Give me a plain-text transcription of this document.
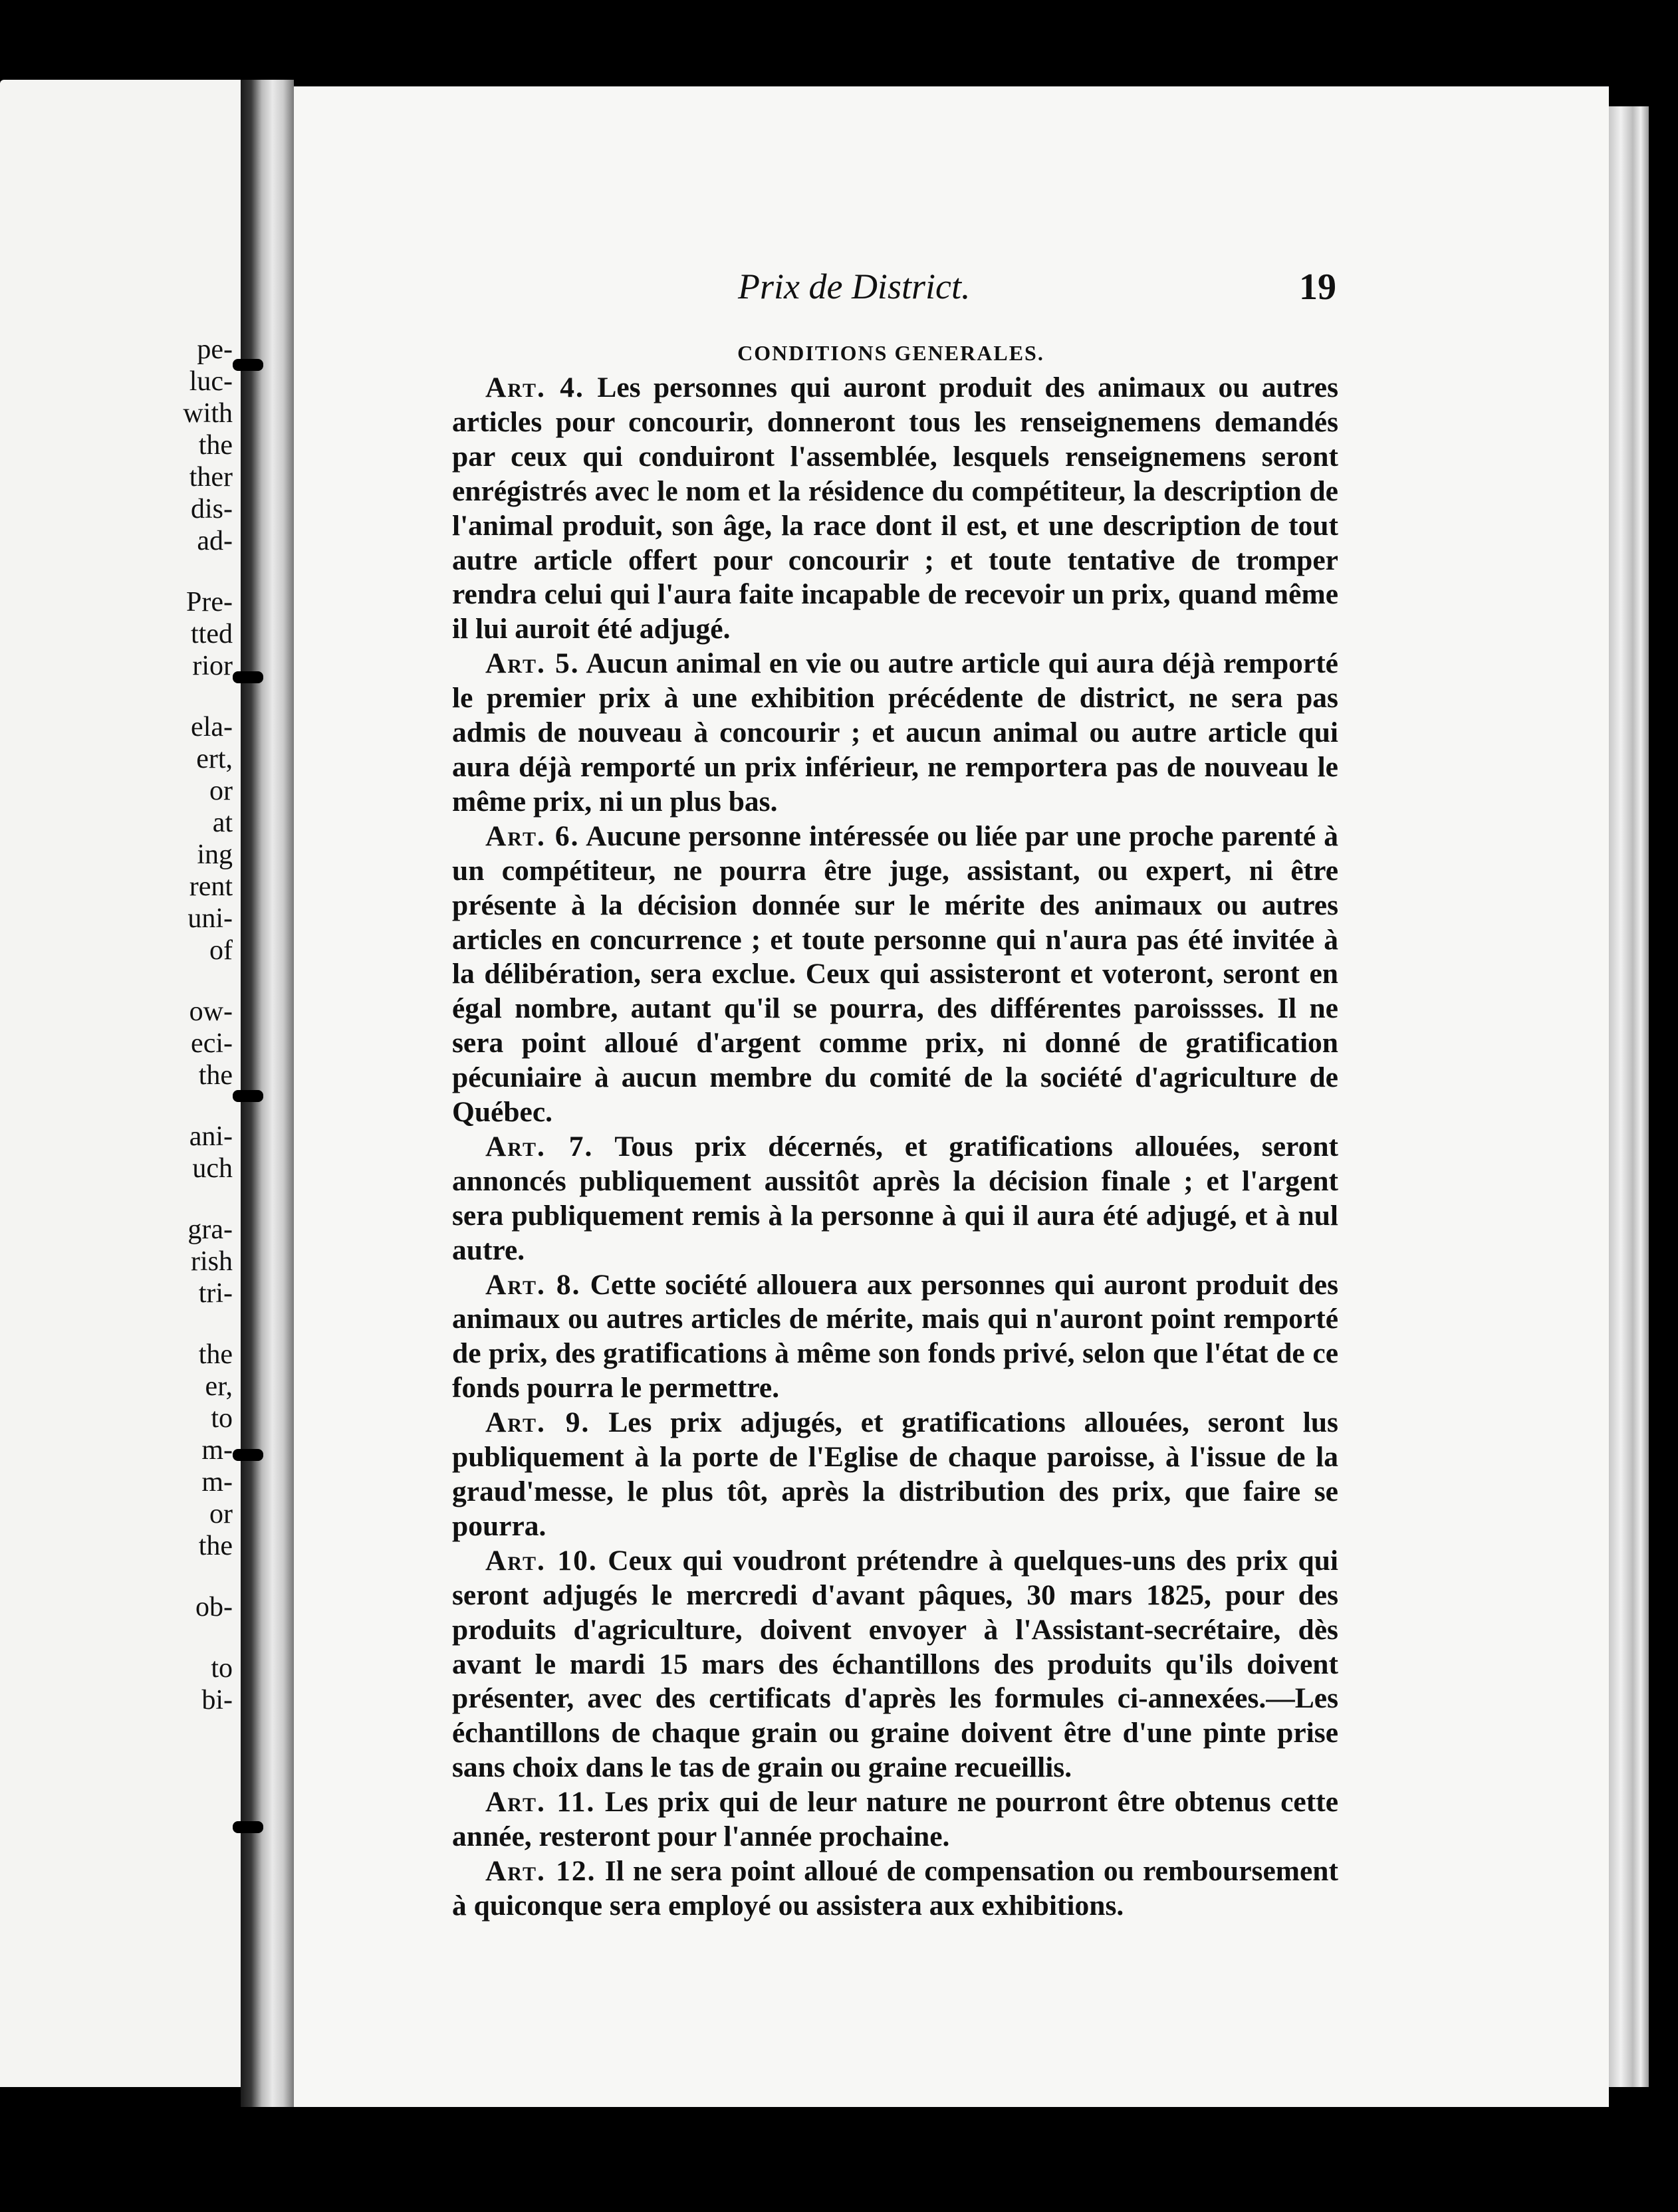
pe-
luc-
with
the
ther
dis-
ad-
Pre-
tted
rior
ela-
ert,
or
at
ing
rent
uni-
of
ow-
eci-
the
ani-
uch
gra-
rish
tri-
the
er,
to
m-
m-
or
the
ob-
to
bi-
Prix de District.	19
CONDITIONS GENERALES.

Art. 4. Les personnes qui auront produit des animaux ou autres articles pour concourir, donneront tous les renseignemens demandés par ceux qui conduiront l'assemblée, lesquels renseignemens seront enrégistrés avec le nom et la résidence du compétiteur, la description de l'animal produit, son âge, la race dont il est, et une description de tout autre article offert pour concourir ; et toute tentative de tromper rendra celui qui l'aura faite incapable de recevoir un prix, quand même il lui auroit été adjugé.

Art. 5. Aucun animal en vie ou autre article qui aura déjà remporté le premier prix à une exhibition précédente de district, ne sera pas admis de nouveau à concourir ; et aucun animal ou autre article qui aura déjà remporté un prix inférieur, ne remportera pas de nouveau le même prix, ni un plus bas.

Art. 6. Aucune personne intéressée ou liée par une proche parenté à un compétiteur, ne pourra être juge, assistant, ou expert, ni être présente à la décision donnée sur le mérite des animaux ou autres articles en concurrence ; et toute personne qui n'aura pas été invitée à la délibération, sera exclue. Ceux qui assisteront et voteront, seront en égal nombre, autant qu'il se pourra, des différentes paroissses. Il ne sera point alloué d'argent comme prix, ni donné de gratification pécuniaire à aucun membre du comité de la société d'agriculture de Québec.

Art. 7. Tous prix décernés, et gratifications allouées, seront annoncés publiquement aussitôt après la décision finale ; et l'argent sera publiquement remis à la personne à qui il aura été adjugé, et à nul autre.

Art. 8. Cette société allouera aux personnes qui auront produit des animaux ou autres articles de mérite, mais qui n'auront point remporté de prix, des gratifications à même son fonds privé, selon que l'état de ce fonds pourra le permettre.

Art. 9. Les prix adjugés, et gratifications allouées, seront lus publiquement à la porte de l'Eglise de chaque paroisse, à l'issue de la graud'messe, le plus tôt, après la distribution des prix, que faire se pourra.

Art. 10. Ceux qui voudront prétendre à quelques-uns des prix qui seront adjugés le mercredi d'avant pâques, 30 mars 1825, pour des produits d'agriculture, doivent envoyer à l'Assistant-secrétaire, dès avant le mardi 15 mars des échantillons des produits qu'ils doivent présenter, avec des certificats d'après les formules ci-annexées.—Les échantillons de chaque grain ou graine doivent être d'une pinte prise sans choix dans le tas de grain ou graine recueillis.

Art. 11. Les prix qui de leur nature ne pourront être obtenus cette année, resteront pour l'année prochaine.

Art. 12. Il ne sera point alloué de compensation ou remboursement à quiconque sera employé ou assistera aux exhibitions.
